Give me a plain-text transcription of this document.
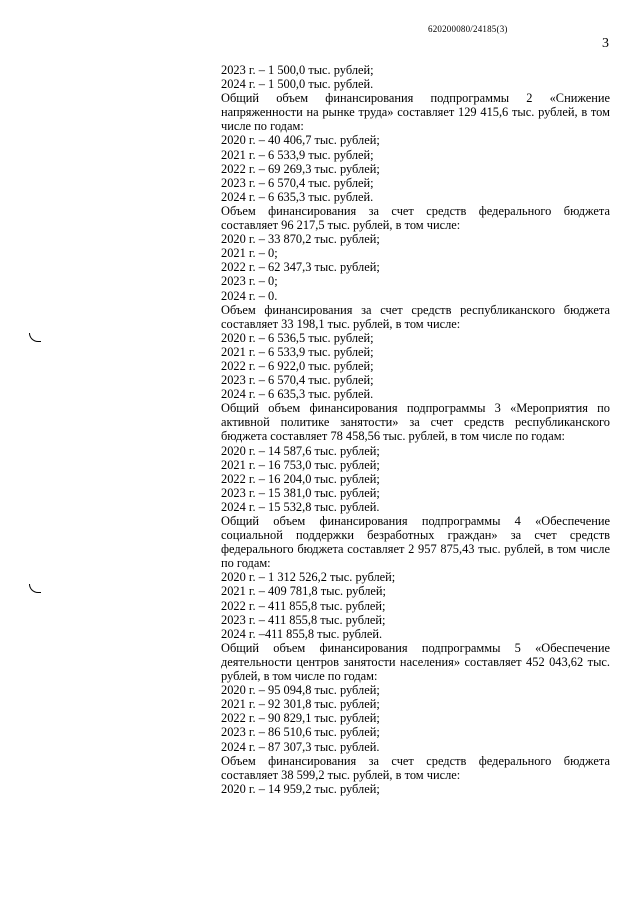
620200080/24185(3)
3
2023 г. – 1 500,0 тыс. рублей;
2024 г. – 1 500,0 тыс. рублей.
Общий объем финансирования подпрограммы 2 «Снижение напряженности на рынке труда» составляет 129 415,6 тыс. рублей, в том числе по годам:
2020 г. – 40 406,7 тыс. рублей;
2021 г. – 6 533,9 тыс. рублей;
2022 г. – 69 269,3 тыс. рублей;
2023 г. – 6 570,4 тыс. рублей;
2024 г. – 6 635,3 тыс. рублей.
Объем финансирования за счет средств федерального бюджета составляет 96 217,5 тыс. рублей, в том числе:
2020 г. – 33 870,2 тыс. рублей;
2021 г. – 0;
2022 г. – 62 347,3 тыс. рублей;
2023 г. – 0;
2024 г. – 0.
Объем финансирования за счет средств республиканского бюджета составляет 33 198,1 тыс. рублей, в том числе:
2020 г. – 6 536,5 тыс. рублей;
2021 г. – 6 533,9 тыс. рублей;
2022 г. – 6 922,0 тыс. рублей;
2023 г. – 6 570,4 тыс. рублей;
2024 г. – 6 635,3 тыс. рублей.
Общий объем финансирования подпрограммы 3 «Мероприятия по активной политике занятости» за счет средств республиканского бюджета составляет 78 458,56 тыс. рублей, в том числе по годам:
2020 г. – 14 587,6 тыс. рублей;
2021 г. – 16 753,0 тыс. рублей;
2022 г. – 16 204,0 тыс. рублей;
2023 г. – 15 381,0 тыс. рублей;
2024 г. – 15 532,8 тыс. рублей.
Общий объем финансирования подпрограммы 4 «Обеспечение социальной поддержки безработных граждан» за счет средств федерального бюджета составляет 2 957 875,43 тыс. рублей, в том числе по годам:
2020 г. – 1 312 526,2 тыс. рублей;
2021 г. – 409 781,8 тыс. рублей;
2022 г. – 411 855,8 тыс. рублей;
2023 г. – 411 855,8 тыс. рублей;
2024 г. –411 855,8 тыс. рублей.
Общий объем финансирования подпрограммы 5 «Обеспечение деятельности центров занятости населения» составляет 452 043,62 тыс. рублей, в том числе по годам:
2020 г. – 95 094,8 тыс. рублей;
2021 г. – 92 301,8 тыс. рублей;
2022 г. – 90 829,1 тыс. рублей;
2023 г. – 86 510,6 тыс. рублей;
2024 г. – 87 307,3 тыс. рублей.
Объем финансирования за счет средств федерального бюджета составляет 38 599,2 тыс. рублей, в том числе:
2020 г. – 14 959,2 тыс. рублей;
